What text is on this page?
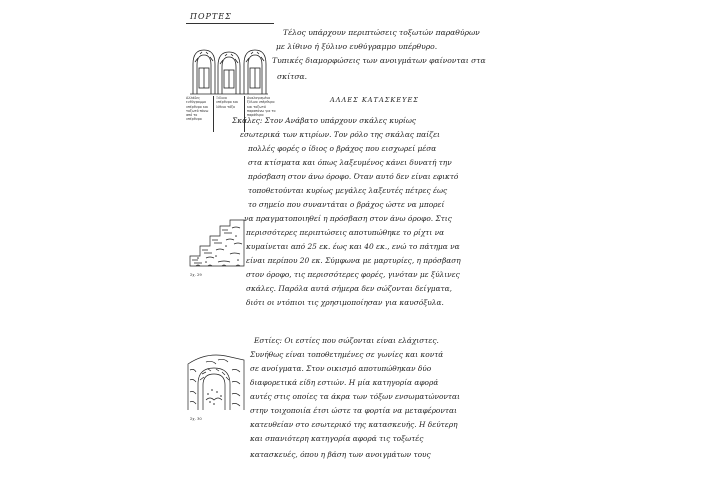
ΠΟΡΤΕΣ
Τέλος υπάρχουν περιπτώσεις τοξωτών παραθύρων
με λίθινο ή ξύλινο ευθύγραμμο υπέρθυρο.
Τυπικές διαμορφώσεις των ανοιγμάτων φαίνονται στα
σκίτσα.
Αλλάδες ευθύγραμμο υπέρθυρο και τοξωτό πάνω από το υπέρθυρο
Ξύλινο υπέρθυρο και λίθινο τόξο
Αναλογισμένο ξύλινο υπέρθυρο και τοξωτό παραπάνω για το παράθυρο
ΑΛΛΕΣ ΚΑΤΑΣΚΕΥΕΣ
Σκάλες: Στον Ανάβατο υπάρχουν σκάλες κυρίως
εσωτερικά των κτιρίων. Τον ρόλο της σκάλας παίζει
πολλές φορές ο ίδιος ο βράχος που εισχωρεί μέσα
στα κτίσματα και όπως λαξευμένος κάνει δυνατή την
πρόσβαση στον άνω όροφο. Όταν αυτό δεν είναι εφικτό
τοποθετούνται κυρίως μεγάλες λαξευτές πέτρες έως
το σημείο που συναντάται ο βράχος ώστε να μπορεί
να πραγματοποιηθεί η πρόσβαση στον άνω όροφο. Στις
περισσότερες περιπτώσεις αποτυπώθηκε το ρίχτι να
κυμαίνεται από 25 εκ. έως και 40 εκ., ενώ το πάτημα να
είναι περίπου 20 εκ. Σύμφωνα με μαρτυρίες, η πρόσβαση
στον όροφο, τις περισσότερες φορές, γινόταν με ξύλινες
σκάλες. Παρόλα αυτά σήμερα δεν σώζονται δείγματα,
διότι οι ντόπιοι τις χρησιμοποίησαν για καυσόξυλα.
Σχ. 29
Εστίες: Οι εστίες που σώζονται είναι ελάχιστες.
Συνήθως είναι τοποθετημένες σε γωνίες και κοντά
σε ανοίγματα. Στον οικισμό αποτυπώθηκαν δύο
διαφορετικά είδη εστιών. Η μία κατηγορία αφορά
αυτές στις οποίες τα άκρα των τόξων ενσωματώνονται
στην τοιχοποιία έτσι ώστε τα φορτία να μεταφέρονται
κατευθείαν στο εσωτερικό της κατασκευής. Η δεύτερη
και σπανιότερη κατηγορία αφορά τις τοξωτές
κατασκευές, όπου η βάση των ανοιγμάτων τους
Σχ. 30
